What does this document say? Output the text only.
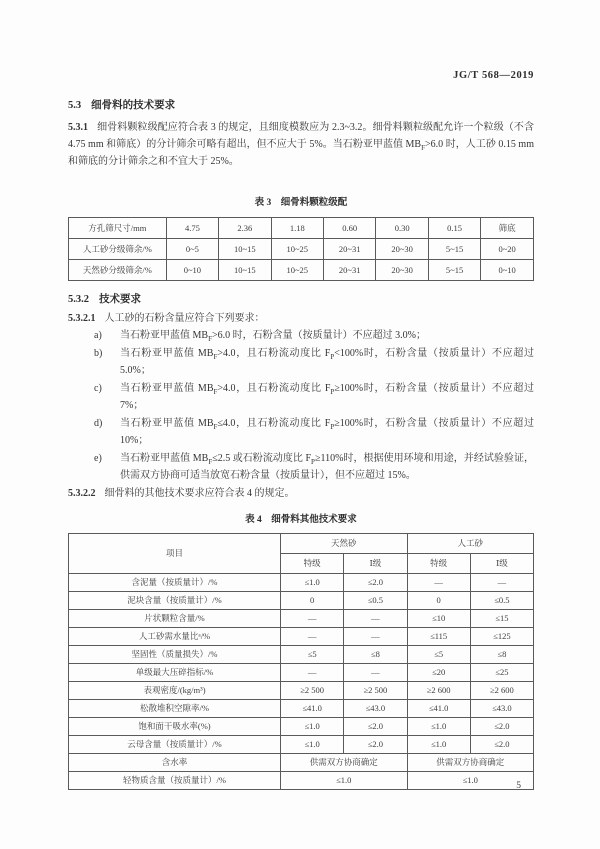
JG/T 568—2019
5.3 细骨料的技术要求
5.3.1 细骨料颗粒级配应符合表 3 的规定，且细度模数应为 2.3~3.2。细骨料颗粒级配允许一个粒级（不含 4.75 mm 和筛底）的分计筛余可略有超出，但不应大于 5%。当石粉亚甲蓝值 $MB_F>6.0$ 时，人工砂 0.15 mm 和筛底的分计筛余之和不宜大于 25%。
表 3　细骨料颗粒级配
方孔筛尺寸/mm	4.75	2.36	1.18	0.60	0.30	0.15	筛底
人工砂分级筛余/%	0~5	10~15	10~25	20~31	20~30	5~15	0~20
天然砂分级筛余/%	0~10	10~15	10~25	20~31	20~30	5~15	0~10
5.3.2 技术要求
5.3.2.1 人工砂的石粉含量应符合下列要求：
a) 当石粉亚甲蓝值 $MB_F>6.0$ 时，石粉含量（按质量计）不应超过 3.0%；
b) 当石粉亚甲蓝值 $MB_F>4.0$，且石粉流动度比 $F_P<100\%$时，石粉含量（按质量计）不应超过 5.0%；
c) 当石粉亚甲蓝值 $MB_F>4.0$，且石粉流动度比 $F_P\ge 100\%$时，石粉含量（按质量计）不应超过 7%；
d) 当石粉亚甲蓝值 $MB_F\le 4.0$，且石粉流动度比 $F_P\ge 100\%$时，石粉含量（按质量计）不应超过 10%；
e) 当石粉亚甲蓝值 $MB_F\le 2.5$ 或石粉流动度比 $F_P\ge 110\%$时，根据使用环境和用途，并经试验验证，供需双方协商可适当放宽石粉含量（按质量计），但不应超过 15%。
5.3.2.2 细骨料的其他技术要求应符合表 4 的规定。
表 4　细骨料其他技术要求
项目	天然砂		人工砂	
	特级	Ⅰ级	特级	Ⅰ级
含泥量（按质量计）/%	≤1.0	≤2.0	—	—
泥块含量（按质量计）/%	0	≤0.5	0	≤0.5
片状颗粒含量/%	—	—	≤10	≤15
人工砂需水量比ᵃ/%	—	—	≤115	≤125
坚固性（质量损失）/%	≤5	≤8	≤5	≤8
单级最大压碎指标/%	—	—	≤20	≤25
表观密度/(kg/m³)	≥2 500	≥2 500	≥2 600	≥2 600
松散堆积空隙率/%	≤41.0	≤43.0	≤41.0	≤43.0
饱和面干吸水率(%)	≤1.0	≤2.0	≤1.0	≤2.0
云母含量（按质量计）/%	≤1.0	≤2.0	≤1.0	≤2.0
含水率	供需双方协商确定		供需双方协商确定	
轻物质含量（按质量计）/%	≤1.0		≤1.0	
5
